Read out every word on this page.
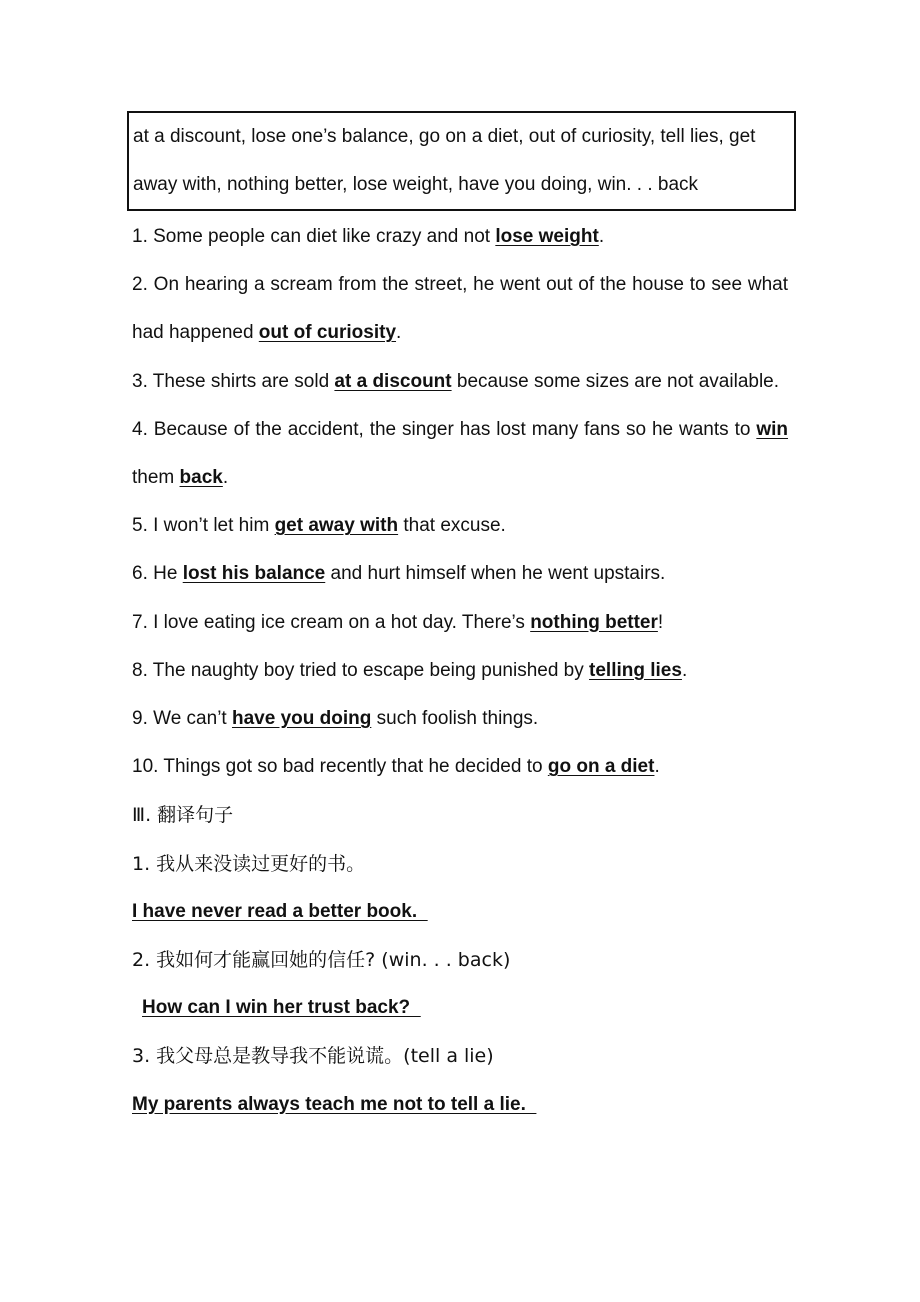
at a discount, lose one’s balance, go on a diet, out of curiosity, tell lies, get
away with, nothing better, lose weight, have you doing, win. . . back

1. Some people can diet like crazy and not lose weight.

2. On hearing a scream from the street, he went out of the house to see what had happened out of curiosity.

3. These shirts are sold at a discount because some sizes are not available.

4. Because of the accident, the singer has lost many fans so he wants to win them back.

5. I won’t let him get away with that excuse.

6. He lost his balance and hurt himself when he went upstairs.

7. I love eating ice cream on a hot day. There’s nothing better!

8. The naughty boy tried to escape being punished by telling lies.

9. We can’t have you doing such foolish things.

10. Things got so bad recently that he decided to go on a diet.

Ⅲ. 翻译句子

1. 我从来没读过更好的书。

I have never read a better book.

2. 我如何才能赢回她的信任? (win. . . back)

How can I win her trust back?

3. 我父母总是教导我不能说谎。(tell a lie)

My parents always teach me not to tell a lie.
